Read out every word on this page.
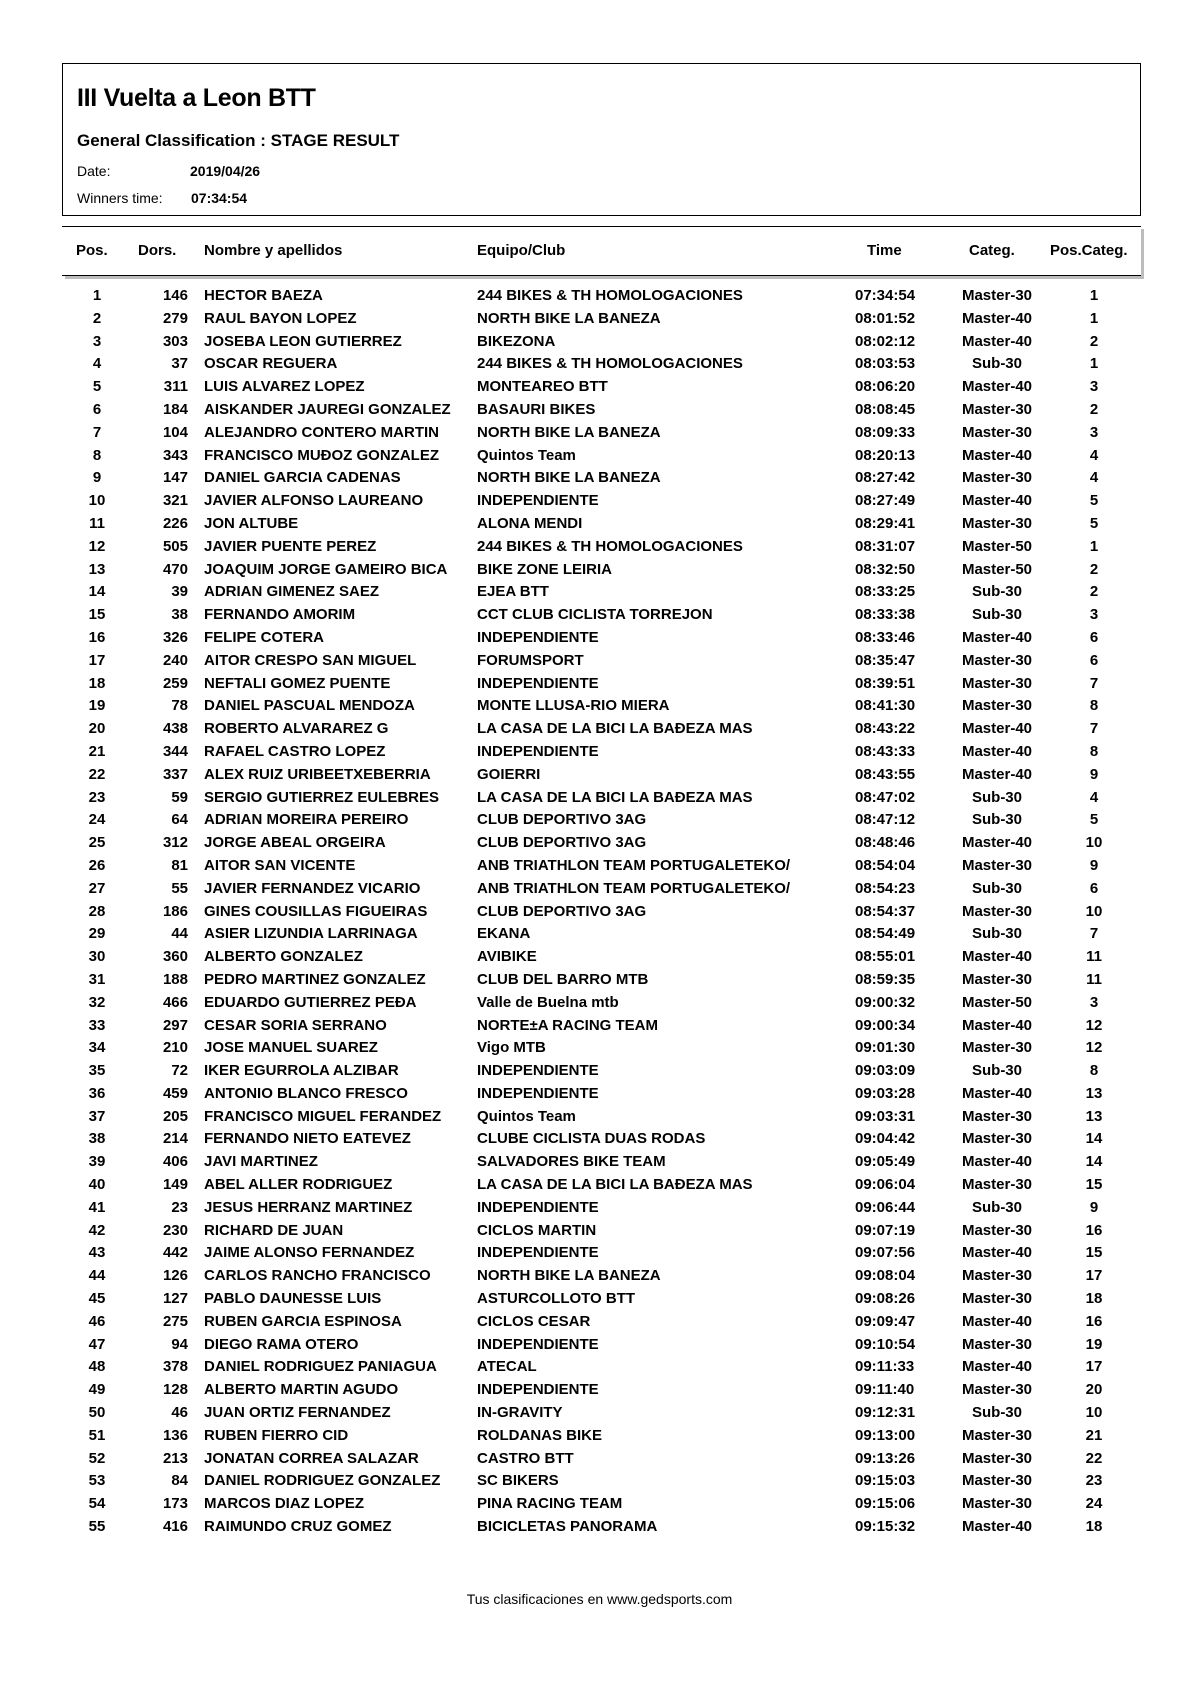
III Vuelta a Leon BTT
General Classification : STAGE RESULT
Date:	2019/04/26
Winners time: 07:34:54
Pos. Dors. Nombre y apellidos	Equipo/Club	Time	Categ. Pos.Categ.
1	146 HECTOR BAEZA	244 BIKES & TH HOMOLOGACIONES	07:34:54	Master-30	1
2	279 RAUL BAYON LOPEZ	NORTH BIKE LA BANEZA	08:01:52	Master-40	1
3	303 JOSEBA LEON GUTIERREZ	BIKEZONA	08:02:12	Master-40	2
4	37 OSCAR REGUERA	244 BIKES & TH HOMOLOGACIONES	08:03:53	Sub-30	1
5	311 LUIS ALVAREZ LOPEZ	MONTEAREO BTT	08:06:20	Master-40	3
6	184 AISKANDER JAUREGI GONZALEZ	BASAURI BIKES	08:08:45	Master-30	2
7	104 ALEJANDRO CONTERO MARTIN	NORTH BIKE LA BANEZA	08:09:33	Master-30	3
8	343 FRANCISCO MUÐOZ GONZALEZ	Quintos Team	08:20:13	Master-40	4
9	147 DANIEL GARCIA CADENAS	NORTH BIKE LA BANEZA	08:27:42	Master-30	4
10	321 JAVIER ALFONSO LAUREANO	INDEPENDIENTE	08:27:49	Master-40	5
11	226 JON ALTUBE	ALONA MENDI	08:29:41	Master-30	5
12	505 JAVIER PUENTE PEREZ	244 BIKES & TH HOMOLOGACIONES	08:31:07	Master-50	1
13	470 JOAQUIM JORGE GAMEIRO BICA	BIKE ZONE LEIRIA	08:32:50	Master-50	2
14	39 ADRIAN GIMENEZ SAEZ	EJEA BTT	08:33:25	Sub-30	2
15	38 FERNANDO AMORIM	CCT CLUB CICLISTA TORREJON	08:33:38	Sub-30	3
16	326 FELIPE COTERA	INDEPENDIENTE	08:33:46	Master-40	6
17	240 AITOR CRESPO SAN MIGUEL	FORUMSPORT	08:35:47	Master-30	6
18	259 NEFTALI GOMEZ PUENTE	INDEPENDIENTE	08:39:51	Master-30	7
19	78 DANIEL PASCUAL MENDOZA	MONTE LLUSA-RIO MIERA	08:41:30	Master-30	8
20	438 ROBERTO ALVARAREZ G	LA CASA DE LA BICI LA BAÐEZA MAS	08:43:22	Master-40	7
21	344 RAFAEL CASTRO LOPEZ	INDEPENDIENTE	08:43:33	Master-40	8
22	337 ALEX RUIZ URIBEETXEBERRIA	GOIERRI	08:43:55	Master-40	9
23	59 SERGIO GUTIERREZ EULEBRES	LA CASA DE LA BICI LA BAÐEZA MAS	08:47:02	Sub-30	4
24	64 ADRIAN MOREIRA PEREIRO	CLUB DEPORTIVO 3AG	08:47:12	Sub-30	5
25	312 JORGE ABEAL ORGEIRA	CLUB DEPORTIVO 3AG	08:48:46	Master-40	10
26	81 AITOR SAN VICENTE	ANB TRIATHLON TEAM PORTUGALETEKO/	08:54:04	Master-30	9
27	55 JAVIER FERNANDEZ VICARIO	ANB TRIATHLON TEAM PORTUGALETEKO/	08:54:23	Sub-30	6
28	186 GINES COUSILLAS FIGUEIRAS	CLUB DEPORTIVO 3AG	08:54:37	Master-30	10
29	44 ASIER LIZUNDIA LARRINAGA	EKANA	08:54:49	Sub-30	7
30	360 ALBERTO GONZALEZ	AVIBIKE	08:55:01	Master-40	11
31	188 PEDRO MARTINEZ GONZALEZ	CLUB DEL BARRO MTB	08:59:35	Master-30	11
32	466 EDUARDO GUTIERREZ PEÐA	Valle de Buelna mtb	09:00:32	Master-50	3
33	297 CESAR SORIA SERRANO	NORTE±A RACING TEAM	09:00:34	Master-40	12
34	210 JOSE MANUEL SUAREZ	Vigo MTB	09:01:30	Master-30	12
35	72 IKER EGURROLA ALZIBAR	INDEPENDIENTE	09:03:09	Sub-30	8
36	459 ANTONIO BLANCO FRESCO	INDEPENDIENTE	09:03:28	Master-40	13
37	205 FRANCISCO MIGUEL FERANDEZ	Quintos Team	09:03:31	Master-30	13
38	214 FERNANDO NIETO EATEVEZ	CLUBE CICLISTA DUAS RODAS	09:04:42	Master-30	14
39	406 JAVI MARTINEZ	SALVADORES BIKE TEAM	09:05:49	Master-40	14
40	149 ABEL ALLER RODRIGUEZ	LA CASA DE LA BICI LA BAÐEZA MAS	09:06:04	Master-30	15
41	23 JESUS HERRANZ MARTINEZ	INDEPENDIENTE	09:06:44	Sub-30	9
42	230 RICHARD DE JUAN	CICLOS MARTIN	09:07:19	Master-30	16
43	442 JAIME ALONSO FERNANDEZ	INDEPENDIENTE	09:07:56	Master-40	15
44	126 CARLOS RANCHO FRANCISCO	NORTH BIKE LA BANEZA	09:08:04	Master-30	17
45	127 PABLO DAUNESSE LUIS	ASTURCOLLOTO BTT	09:08:26	Master-30	18
46	275 RUBEN GARCIA ESPINOSA	CICLOS CESAR	09:09:47	Master-40	16
47	94 DIEGO RAMA OTERO	INDEPENDIENTE	09:10:54	Master-30	19
48	378 DANIEL RODRIGUEZ PANIAGUA	ATECAL	09:11:33	Master-40	17
49	128 ALBERTO MARTIN AGUDO	INDEPENDIENTE	09:11:40	Master-30	20
50	46 JUAN ORTIZ FERNANDEZ	IN-GRAVITY	09:12:31	Sub-30	10
51	136 RUBEN FIERRO CID	ROLDANAS BIKE	09:13:00	Master-30	21
52	213 JONATAN CORREA SALAZAR	CASTRO BTT	09:13:26	Master-30	22
53	84 DANIEL RODRIGUEZ GONZALEZ	SC BIKERS	09:15:03	Master-30	23
54	173 MARCOS DIAZ LOPEZ	PINA RACING TEAM	09:15:06	Master-30	24
55	416 RAIMUNDO CRUZ GOMEZ	BICICLETAS PANORAMA	09:15:32	Master-40	18
Tus clasificaciones en www.gedsports.com
